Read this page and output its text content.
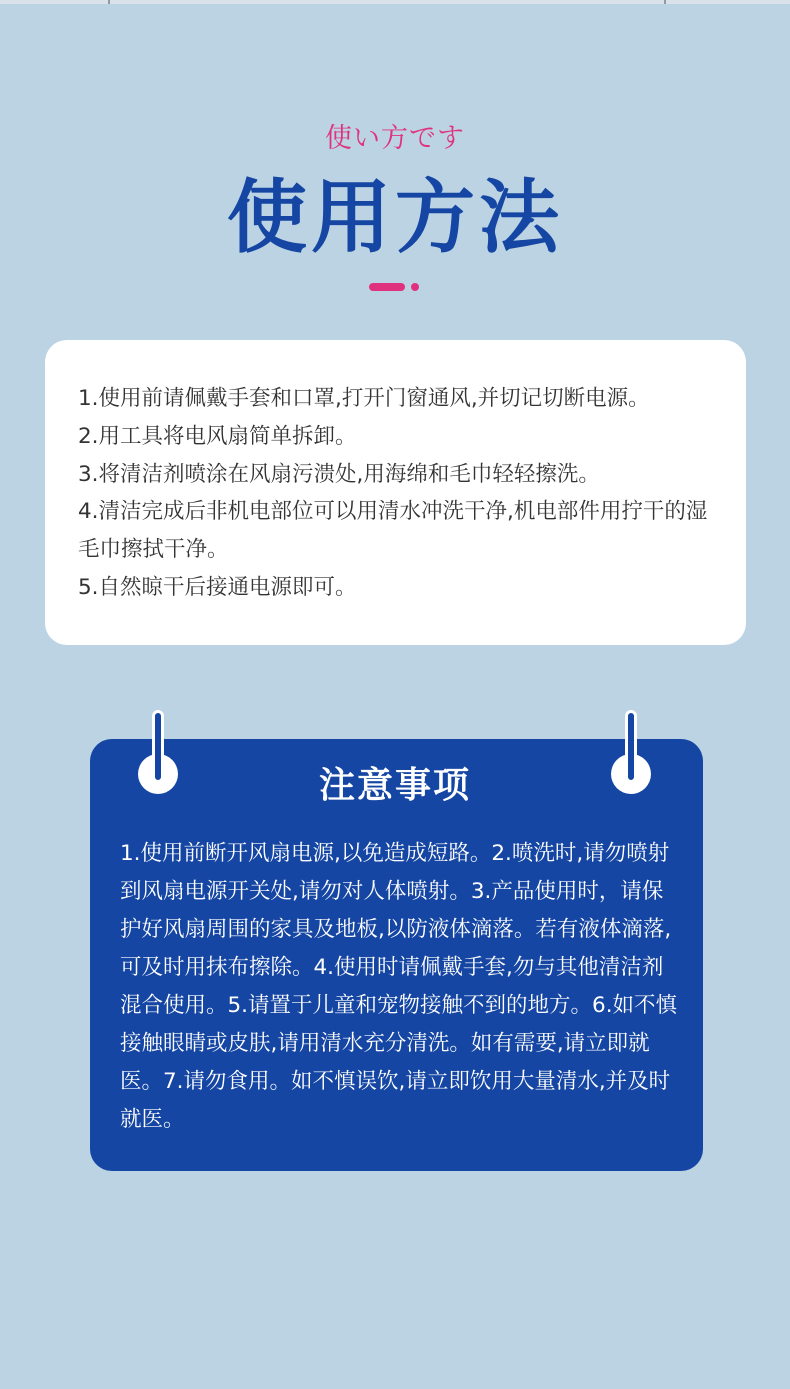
使い方です
使用方法

1.使用前请佩戴手套和口罩,打开门窗通风,并切记切断电源。

2.用工具将电风扇简单拆卸。

3.将清洁剂喷涂在风扇污溃处,用海绵和毛巾轻轻擦洗。

4.清洁完成后非机电部位可以用清水冲洗干净,机电部件用拧干的湿毛巾擦拭干净。

5.自然晾干后接通电源即可。

注意事项

1.使用前断开风扇电源,以免造成短路。2.喷洗时,请勿喷射到风扇电源开关处,请勿对人体喷射。3.产品使用时，请保护好风扇周围的家具及地板,以防液体滴落。若有液体滴落,可及时用抹布擦除。4.使用时请佩戴手套,勿与其他清洁剂混合使用。5.请置于儿童和宠物接触不到的地方。6.如不慎接触眼睛或皮肤,请用清水充分清洗。如有需要,请立即就医。7.请勿食用。如不慎误饮,请立即饮用大量清水,并及时就医。
